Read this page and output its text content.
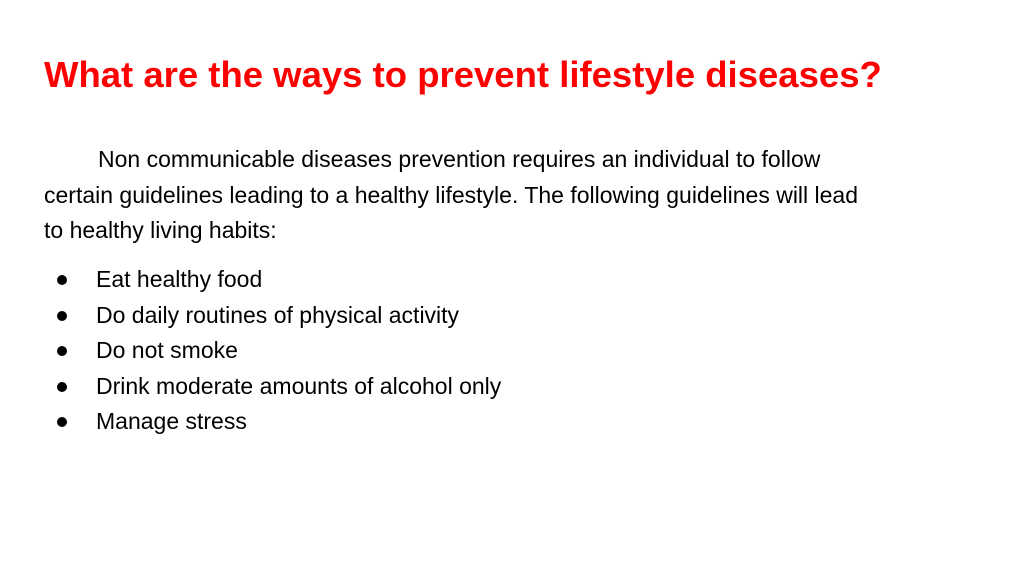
What are the ways to prevent lifestyle diseases?

Non communicable diseases prevention requires an individual to follow
certain guidelines leading to a healthy lifestyle. The following guidelines will lead
to healthy living habits:

Eat healthy food
Do daily routines of physical activity
Do not smoke
Drink moderate amounts of alcohol only
Manage stress
